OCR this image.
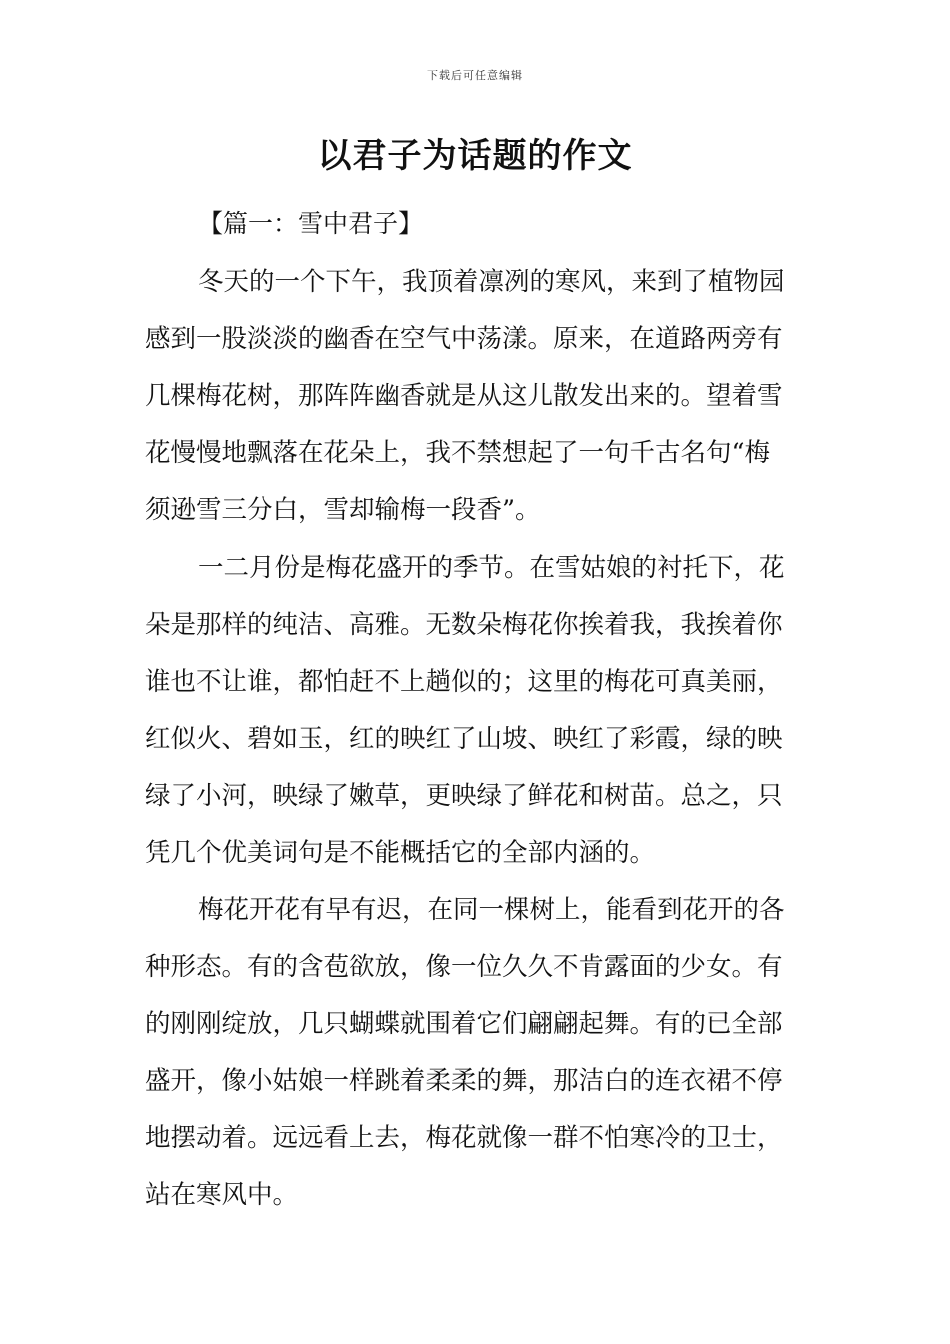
下载后可任意编辑
以君子为话题的作文

【篇一：雪中君子】

冬天的一个下午，我顶着凛冽的寒风，来到了植物园

感到一股淡淡的幽香在空气中荡漾。原来，在道路两旁有

几棵梅花树，那阵阵幽香就是从这儿散发出来的。望着雪

花慢慢地飘落在花朵上，我不禁想起了一句千古名句“梅

须逊雪三分白，雪却输梅一段香”。

一二月份是梅花盛开的季节。在雪姑娘的衬托下，花

朵是那样的纯洁、高雅。无数朵梅花你挨着我，我挨着你

谁也不让谁，都怕赶不上趟似的；这里的梅花可真美丽，

红似火、碧如玉，红的映红了山坡、映红了彩霞，绿的映

绿了小河，映绿了嫩草，更映绿了鲜花和树苗。总之，只

凭几个优美词句是不能概括它的全部内涵的。

梅花开花有早有迟，在同一棵树上，能看到花开的各

种形态。有的含苞欲放，像一位久久不肯露面的少女。有

的刚刚绽放，几只蝴蝶就围着它们翩翩起舞。有的已全部

盛开，像小姑娘一样跳着柔柔的舞，那洁白的连衣裙不停

地摆动着。远远看上去，梅花就像一群不怕寒冷的卫士，

站在寒风中。
